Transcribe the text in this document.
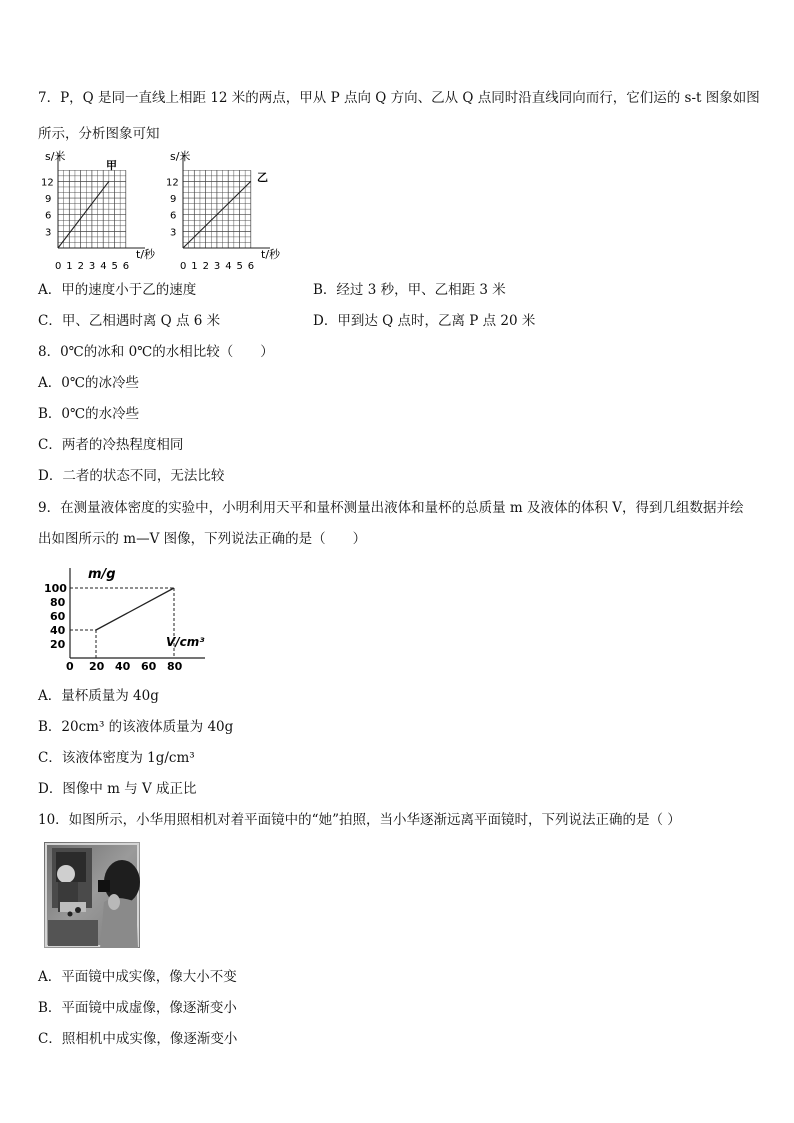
7．P，Q 是同一直线上相距 12 米的两点，甲从 P 点向 Q 方向、乙从 Q 点同时沿直线同向而行，它们运的 s-t 图象如图
所示，分析图象可知
s/米
t/秒
甲
0 1 2 3 4 5 6
3
6
9
12
s/米
t/秒
乙
0 1 2 3 4 5 6
3
6
9
12
A．甲的速度小于乙的速度	B．经过 3 秒，甲、乙相距 3 米
C．甲、乙相遇时离 Q 点 6 米	D．甲到达 Q 点时，乙离 P 点 20 米
8．0℃的冰和 0℃的水相比较（　　）
A．0℃的冰冷些
B．0℃的水冷些
C．两者的冷热程度相同
D．二者的状态不同，无法比较
9．在测量液体密度的实验中，小明利用天平和量杯测量出液体和量杯的总质量 m 及液体的体积 V，得到几组数据并绘
出如图所示的 m—V 图像，下列说法正确的是（　　）
m/g
V/cm³
0 20 40 60 80
20
40
60
80
100
A．量杯质量为 40g
B．20cm³ 的该液体质量为 40g
C．该液体密度为 1g/cm³
D．图像中 m 与 V 成正比
10．如图所示，小华用照相机对着平面镜中的“她”拍照，当小华逐渐远离平面镜时，下列说法正确的是（ ）
A．平面镜中成实像，像大小不变
B．平面镜中成虚像，像逐渐变小
C．照相机中成实像，像逐渐变小
